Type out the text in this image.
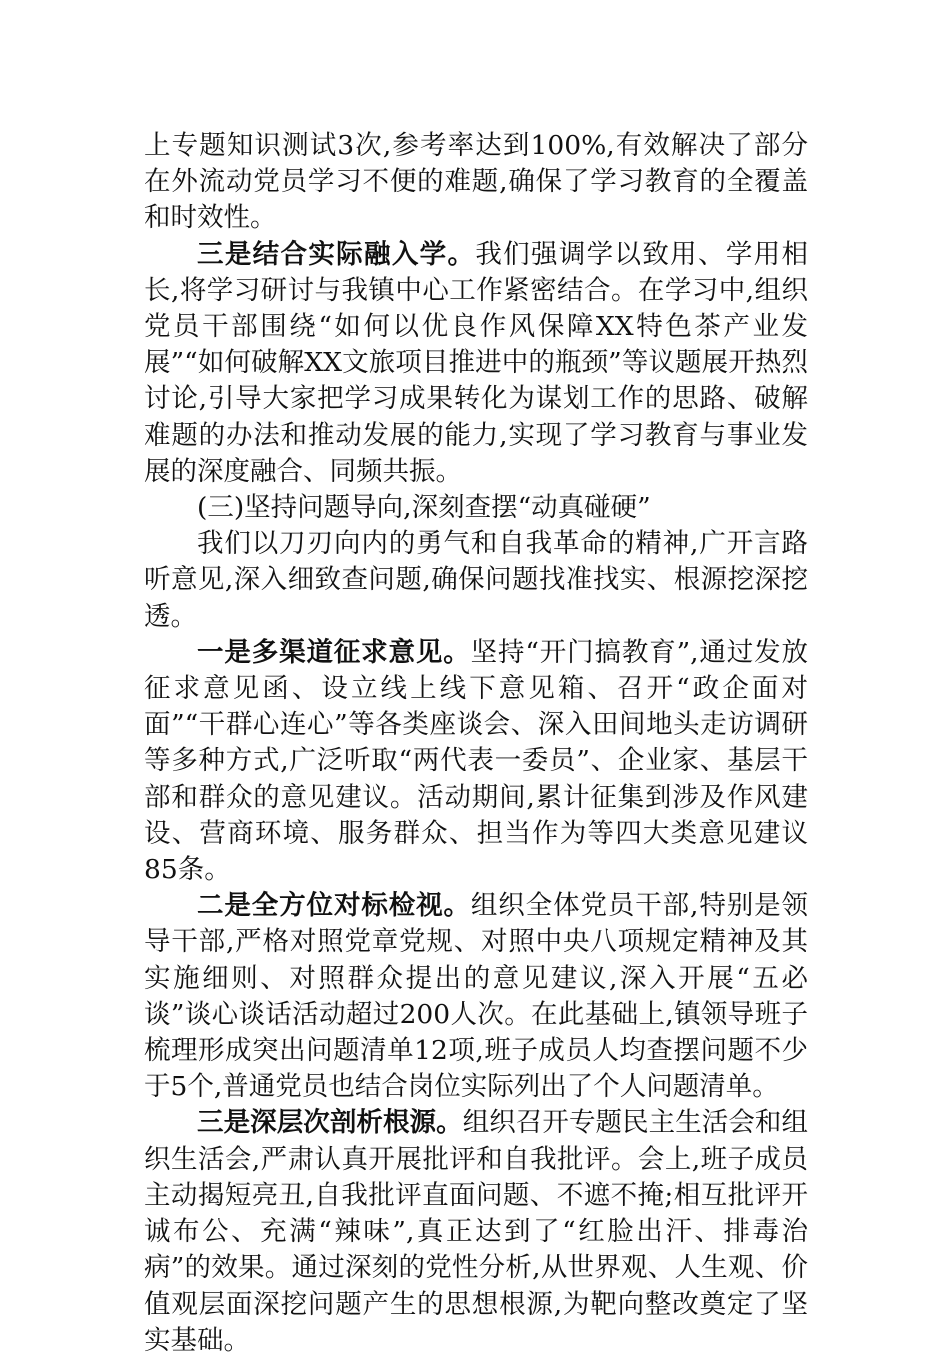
上专题知识测试3次,参考率达到100%,有效解决了部分在外流动党员学习不便的难题,确保了学习教育的全覆盖和时效性。

三是结合实际融入学。我们强调学以致用、学用相长,将学习研讨与我镇中心工作紧密结合。在学习中,组织党员干部围绕“如何以优良作风保障XX特色茶产业发展”“如何破解XX文旅项目推进中的瓶颈”等议题展开热烈讨论,引导大家把学习成果转化为谋划工作的思路、破解难题的办法和推动发展的能力,实现了学习教育与事业发展的深度融合、同频共振。

(三)坚持问题导向,深刻查摆“动真碰硬”

我们以刀刃向内的勇气和自我革命的精神,广开言路听意见,深入细致查问题,确保问题找准找实、根源挖深挖透。

一是多渠道征求意见。坚持“开门搞教育”,通过发放征求意见函、设立线上线下意见箱、召开“政企面对面”“干群心连心”等各类座谈会、深入田间地头走访调研等多种方式,广泛听取“两代表一委员”、企业家、基层干部和群众的意见建议。活动期间,累计征集到涉及作风建设、营商环境、服务群众、担当作为等四大类意见建议85条。

二是全方位对标检视。组织全体党员干部,特别是领导干部,严格对照党章党规、对照中央八项规定精神及其实施细则、对照群众提出的意见建议,深入开展“五必谈”谈心谈话活动超过200人次。在此基础上,镇领导班子梳理形成突出问题清单12项,班子成员人均查摆问题不少于5个,普通党员也结合岗位实际列出了个人问题清单。

三是深层次剖析根源。组织召开专题民主生活会和组织生活会,严肃认真开展批评和自我批评。会上,班子成员主动揭短亮丑,自我批评直面问题、不遮不掩;相互批评开诚布公、充满“辣味”,真正达到了“红脸出汗、排毒治病”的效果。通过深刻的党性分析,从世界观、人生观、价值观层面深挖问题产生的思想根源,为靶向整改奠定了坚实基础。
